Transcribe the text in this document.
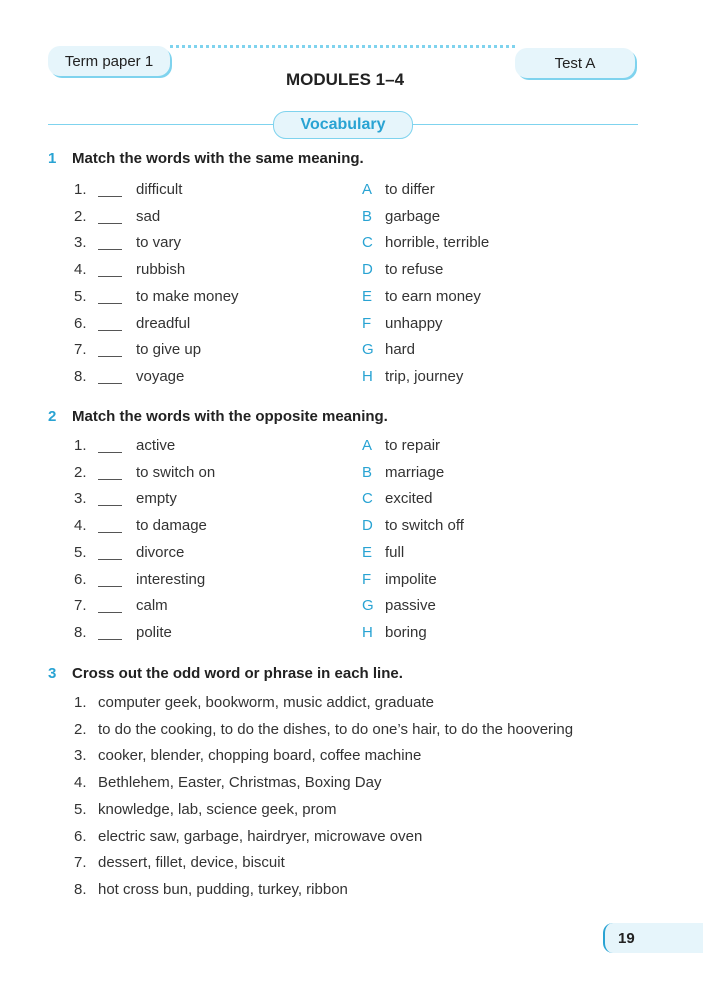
Term paper 1	Test A
MODULES 1–4
Vocabulary
1 Match the words with the same meaning.
1.	difficult	A to differ
2.	sad	B garbage
3.	to vary	C horrible, terrible
4.	rubbish	D to refuse
5.	to make money	E to earn money
6.	dreadful	F unhappy
7.	to give up	G hard
8.	voyage	H trip, journey
2 Match the words with the opposite meaning.
1.	active	A to repair
2.	to switch on	B marriage
3.	empty	C excited
4.	to damage	D to switch off
5.	divorce	E full
6.	interesting	F impolite
7.	calm	G passive
8.	polite	H boring
3 Cross out the odd word or phrase in each line.
1. computer geek, bookworm, music addict, graduate
2. to do the cooking, to do the dishes, to do one’s hair, to do the hoovering
3. cooker, blender, chopping board, coffee machine
4. Bethlehem, Easter, Christmas, Boxing Day
5. knowledge, lab, science geek, prom
6. electric saw, garbage, hairdryer, microwave oven
7. dessert, fillet, device, biscuit
8. hot cross bun, pudding, turkey, ribbon
19
